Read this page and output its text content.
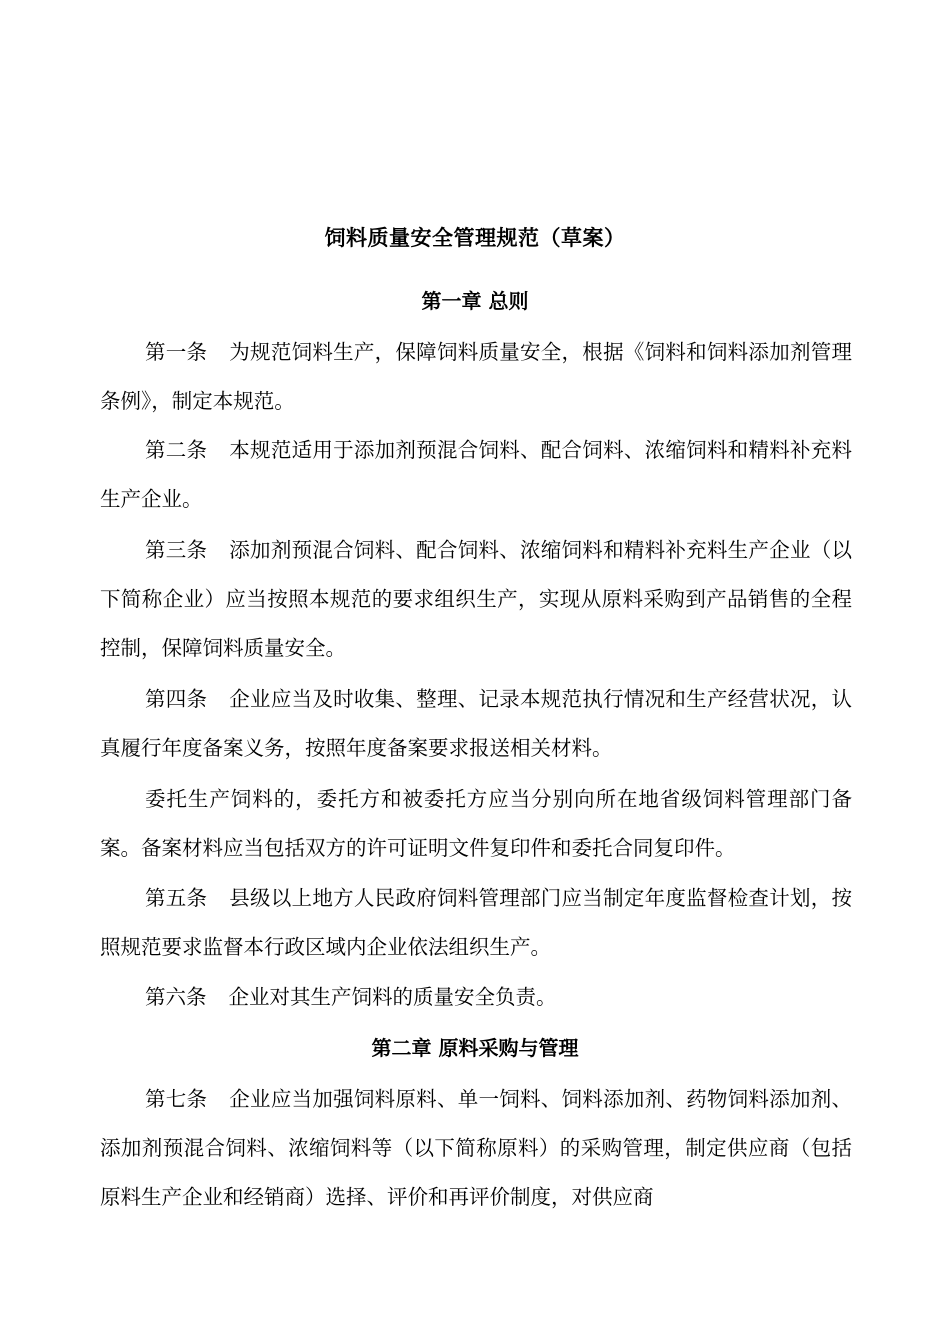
饲料质量安全管理规范（草案）
第一章 总则
第一条 为规范饲料生产，保障饲料质量安全，根据《饲料和饲料添加剂管理条例》，制定本规范。
第二条 本规范适用于添加剂预混合饲料、配合饲料、浓缩饲料和精料补充料生产企业。
第三条 添加剂预混合饲料、配合饲料、浓缩饲料和精料补充料生产企业（以下简称企业）应当按照本规范的要求组织生产，实现从原料采购到产品销售的全程控制，保障饲料质量安全。
第四条 企业应当及时收集、整理、记录本规范执行情况和生产经营状况，认真履行年度备案义务，按照年度备案要求报送相关材料。
委托生产饲料的，委托方和被委托方应当分别向所在地省级饲料管理部门备案。备案材料应当包括双方的许可证明文件复印件和委托合同复印件。
第五条 县级以上地方人民政府饲料管理部门应当制定年度监督检查计划，按照规范要求监督本行政区域内企业依法组织生产。
第六条 企业对其生产饲料的质量安全负责。
第二章 原料采购与管理
第七条 企业应当加强饲料原料、单一饲料、饲料添加剂、药物饲料添加剂、添加剂预混合饲料、浓缩饲料等（以下简称原料）的采购管理，制定供应商（包括原料生产企业和经销商）选择、评价和再评价制度，对供应商
